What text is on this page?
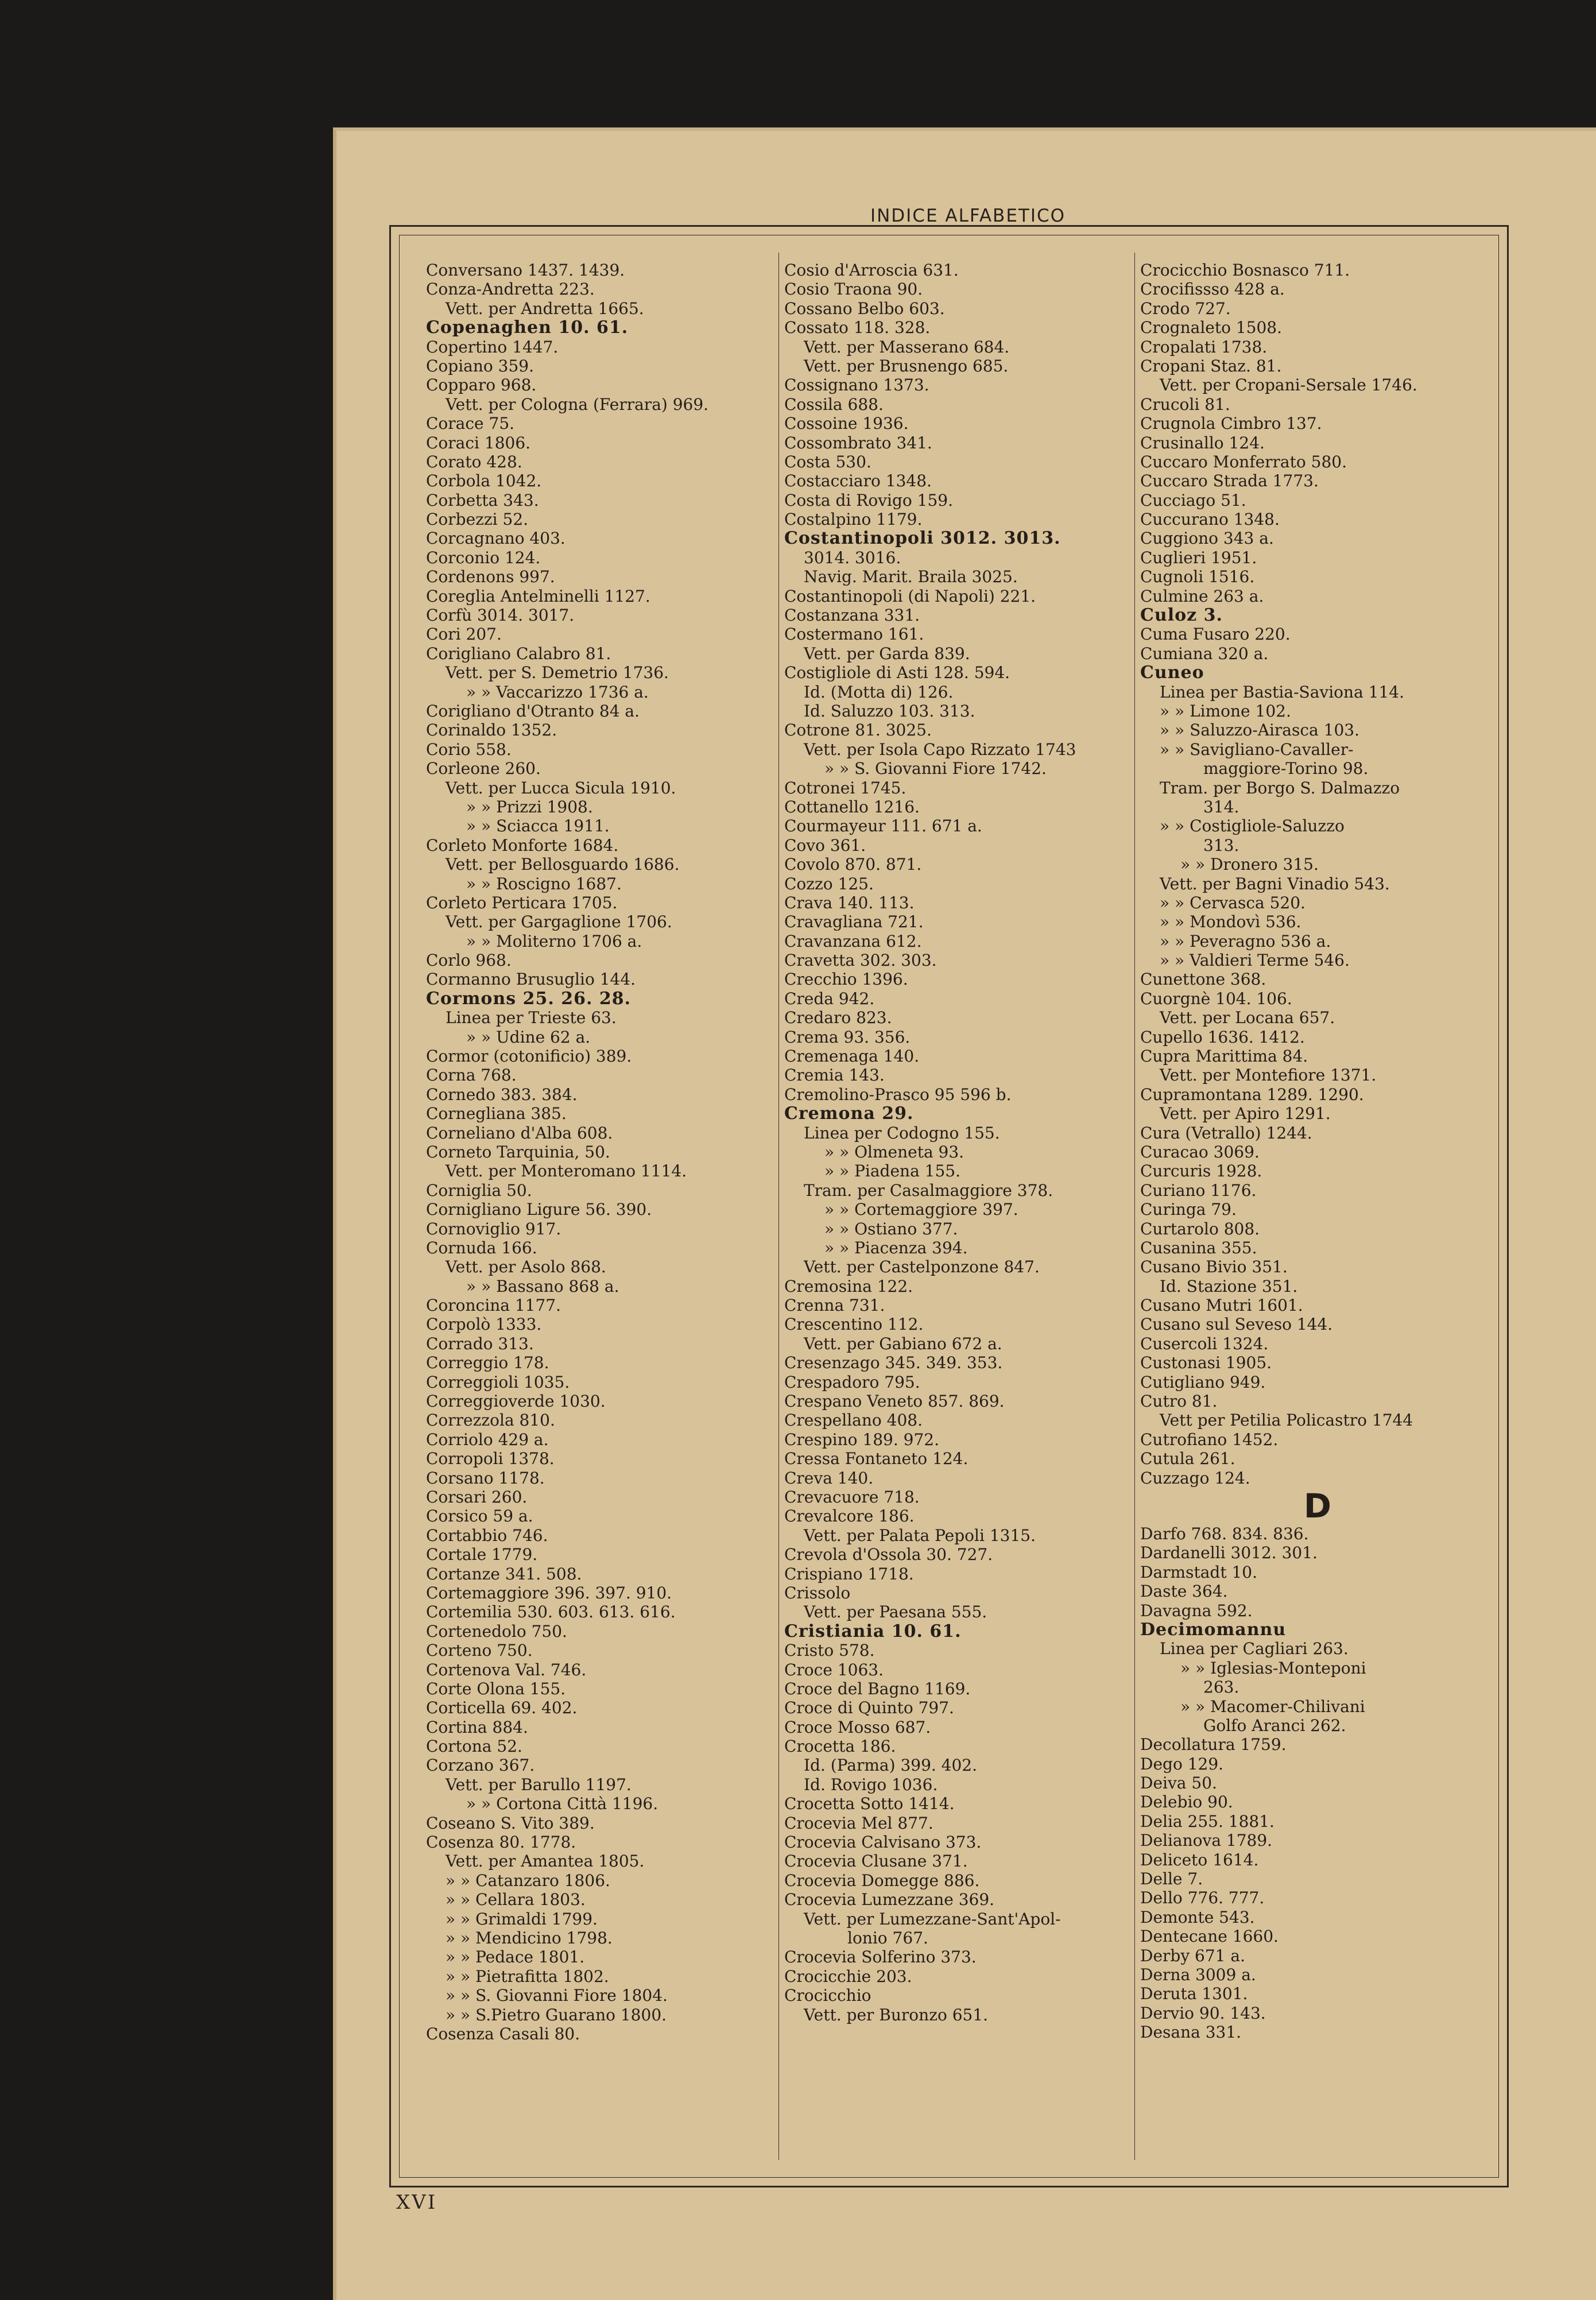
INDICE ALFABETICO
Conversano 1437. 1439.
Conza-Andretta 223.
Vett. per Andretta 1665.
Copenaghen 10. 61.
Copertino 1447.
Copiano 359.
Copparo 968.
Vett. per Cologna (Ferrara) 969.
Corace 75.
Coraci 1806.
Corato 428.
Corbola 1042.
Corbetta 343.
Corbezzi 52.
Corcagnano 403.
Corconio 124.
Cordenons 997.
Coreglia Antelminelli 1127.
Corfù 3014. 3017.
Cori 207.
Corigliano Calabro 81.
Vett. per S. Demetrio 1736.
» » Vaccarizzo 1736 a.
Corigliano d'Otranto 84 a.
Corinaldo 1352.
Corio 558.
Corleone 260.
Vett. per Lucca Sicula 1910.
» » Prizzi 1908.
» » Sciacca 1911.
Corleto Monforte 1684.
Vett. per Bellosguardo 1686.
» » Roscigno 1687.
Corleto Perticara 1705.
Vett. per Gargaglione 1706.
» » Moliterno 1706 a.
Corlo 968.
Cormanno Brusuglio 144.
Cormons 25. 26. 28.
Linea per Trieste 63.
» » Udine 62 a.
Cormor (cotonificio) 389.
Corna 768.
Cornedo 383. 384.
Cornegliana 385.
Corneliano d'Alba 608.
Corneto Tarquinia, 50.
Vett. per Monteromano 1114.
Corniglia 50.
Cornigliano Ligure 56. 390.
Cornoviglio 917.
Cornuda 166.
Vett. per Asolo 868.
» » Bassano 868 a.
Coroncina 1177.
Corpolò 1333.
Corrado 313.
Correggio 178.
Correggioli 1035.
Correggioverde 1030.
Correzzola 810.
Corriolo 429 a.
Corropoli 1378.
Corsano 1178.
Corsari 260.
Corsico 59 a.
Cortabbio 746.
Cortale 1779.
Cortanze 341. 508.
Cortemaggiore 396. 397. 910.
Cortemilia 530. 603. 613. 616.
Cortenedolo 750.
Corteno 750.
Cortenova Val. 746.
Corte Olona 155.
Corticella 69. 402.
Cortina 884.
Cortona 52.
Corzano 367.
Vett. per Barullo 1197.
» » Cortona Città 1196.
Coseano S. Vito 389.
Cosenza 80. 1778.
Vett. per Amantea 1805.
» » Catanzaro 1806.
» » Cellara 1803.
» » Grimaldi 1799.
» » Mendicino 1798.
» » Pedace 1801.
» » Pietrafitta 1802.
» » S. Giovanni Fiore 1804.
» » S.Pietro Guarano 1800.
Cosenza Casali 80.
Cosio d'Arroscia 631.
Cosio Traona 90.
Cossano Belbo 603.
Cossato 118. 328.
Vett. per Masserano 684.
Vett. per Brusnengo 685.
Cossignano 1373.
Cossila 688.
Cossoine 1936.
Cossombrato 341.
Costa 530.
Costacciaro 1348.
Costa di Rovigo 159.
Costalpino 1179.
Costantinopoli 3012. 3013.
3014. 3016.
Navig. Marit. Braila 3025.
Costantinopoli (di Napoli) 221.
Costanzana 331.
Costermano 161.
Vett. per Garda 839.
Costigliole di Asti 128. 594.
Id. (Motta di) 126.
Id. Saluzzo 103. 313.
Cotrone 81. 3025.
Vett. per Isola Capo Rizzato 1743
» » S. Giovanni Fiore 1742.
Cotronei 1745.
Cottanello 1216.
Courmayeur 111. 671 a.
Covo 361.
Covolo 870. 871.
Cozzo 125.
Crava 140. 113.
Cravagliana 721.
Cravanzana 612.
Cravetta 302. 303.
Crecchio 1396.
Creda 942.
Credaro 823.
Crema 93. 356.
Cremenaga 140.
Cremia 143.
Cremolino-Prasco 95 596 b.
Cremona 29.
Linea per Codogno 155.
» » Olmeneta 93.
» » Piadena 155.
Tram. per Casalmaggiore 378.
» » Cortemaggiore 397.
» » Ostiano 377.
» » Piacenza 394.
Vett. per Castelponzone 847.
Cremosina 122.
Crenna 731.
Crescentino 112.
Vett. per Gabiano 672 a.
Cresenzago 345. 349. 353.
Crespadoro 795.
Crespano Veneto 857. 869.
Crespellano 408.
Crespino 189. 972.
Cressa Fontaneto 124.
Creva 140.
Crevacuore 718.
Crevalcore 186.
Vett. per Palata Pepoli 1315.
Crevola d'Ossola 30. 727.
Crispiano 1718.
Crissolo
Vett. per Paesana 555.
Cristiania 10. 61.
Cristo 578.
Croce 1063.
Croce del Bagno 1169.
Croce di Quinto 797.
Croce Mosso 687.
Crocetta 186.
Id. (Parma) 399. 402.
Id. Rovigo 1036.
Crocetta Sotto 1414.
Crocevia Mel 877.
Crocevia Calvisano 373.
Crocevia Clusane 371.
Crocevia Domegge 886.
Crocevia Lumezzane 369.
Vett. per Lumezzane-Sant'Apol-
lonio 767.
Crocevia Solferino 373.
Crocicchie 203.
Crocicchio
Vett. per Buronzo 651.
Crocicchio Bosnasco 711.
Crocifissso 428 a.
Crodo 727.
Crognaleto 1508.
Cropalati 1738.
Cropani Staz. 81.
Vett. per Cropani-Sersale 1746.
Crucoli 81.
Crugnola Cimbro 137.
Crusinallo 124.
Cuccaro Monferrato 580.
Cuccaro Strada 1773.
Cucciago 51.
Cuccurano 1348.
Cuggiono 343 a.
Cuglieri 1951.
Cugnoli 1516.
Culmine 263 a.
Culoz 3.
Cuma Fusaro 220.
Cumiana 320 a.
Cuneo
Linea per Bastia-Saviona 114.
» » Limone 102.
» » Saluzzo-Airasca 103.
» » Savigliano-Cavaller-
maggiore-Torino 98.
Tram. per Borgo S. Dalmazzo
314.
» » Costigliole-Saluzzo
313.
» » Dronero 315.
Vett. per Bagni Vinadio 543.
» » Cervasca 520.
» » Mondovì 536.
» » Peveragno 536 a.
» » Valdieri Terme 546.
Cunettone 368.
Cuorgnè 104. 106.
Vett. per Locana 657.
Cupello 1636. 1412.
Cupra Marittima 84.
Vett. per Montefiore 1371.
Cupramontana 1289. 1290.
Vett. per Apiro 1291.
Cura (Vetrallo) 1244.
Curacao 3069.
Curcuris 1928.
Curiano 1176.
Curinga 79.
Curtarolo 808.
Cusanina 355.
Cusano Bivio 351.
Id. Stazione 351.
Cusano Mutri 1601.
Cusano sul Seveso 144.
Cusercoli 1324.
Custonasi 1905.
Cutigliano 949.
Cutro 81.
Vett per Petilia Policastro 1744
Cutrofiano 1452.
Cutula 261.
Cuzzago 124.
D
Darfo 768. 834. 836.
Dardanelli 3012. 301.
Darmstadt 10.
Daste 364.
Davagna 592.
Decimomannu
Linea per Cagliari 263.
» » Iglesias-Monteponi
263.
» » Macomer-Chilivani
Golfo Aranci 262.
Decollatura 1759.
Dego 129.
Deiva 50.
Delebio 90.
Delia 255. 1881.
Delianova 1789.
Deliceto 1614.
Delle 7.
Dello 776. 777.
Demonte 543.
Dentecane 1660.
Derby 671 a.
Derna 3009 a.
Deruta 1301.
Dervio 90. 143.
Desana 331.
XVI
